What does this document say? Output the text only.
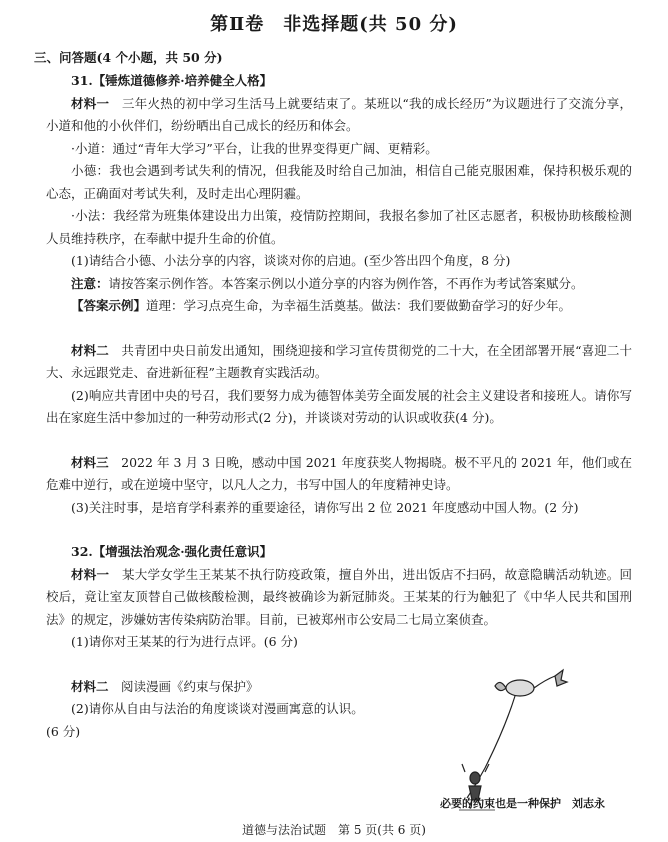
第Ⅱ卷　非选择题(共 50 分)
三、问答题(4 个小题，共 50 分)

31.【锤炼道德修养·培养健全人格】

材料一　三年火热的初中学习生活马上就要结束了。某班以“我的成长经历”为议题进行了交流分享，小道和他的小伙伴们，纷纷晒出自己成长的经历和体会。

·小道：通过“青年大学习”平台，让我的世界变得更广阔、更精彩。

小德：我也会遇到考试失利的情况，但我能及时给自己加油，相信自己能克服困难，保持积极乐观的心态，正确面对考试失利，及时走出心理阴霾。

·小法：我经常为班集体建设出力出策，疫情防控期间，我报名参加了社区志愿者，积极协助核酸检测人员维持秩序，在奉献中提升生命的价值。

(1)请结合小德、小法分享的内容，谈谈对你的启迪。(至少答出四个角度，8 分)

注意：请按答案示例作答。本答案示例以小道分享的内容为例作答，不再作为考试答案赋分。

【答案示例】道理：学习点亮生命，为幸福生活奠基。做法：我们要做勤奋学习的好少年。

材料二　共青团中央日前发出通知，围绕迎接和学习宣传贯彻党的二十大，在全团部署开展“喜迎二十大、永远跟党走、奋进新征程”主题教育实践活动。

(2)响应共青团中央的号召，我们要努力成为德智体美劳全面发展的社会主义建设者和接班人。请你写出在家庭生活中参加过的一种劳动形式(2 分)，并谈谈对劳动的认识或收获(4 分)。

材料三　2022 年 3 月 3 日晚，感动中国 2021 年度获奖人物揭晓。极不平凡的 2021 年，他们或在危难中逆行，或在逆境中坚守，以凡人之力，书写中国人的年度精神史诗。

(3)关注时事，是培育学科素养的重要途径，请你写出 2 位 2021 年度感动中国人物。(2 分)

32.【增强法治观念·强化责任意识】

材料一　某大学女学生王某某不执行防疫政策，擅自外出，进出饭店不扫码，故意隐瞒活动轨迹。回校后，竟让室友顶替自己做核酸检测，最终被确诊为新冠肺炎。王某某的行为触犯了《中华人民共和国刑法》的规定，涉嫌妨害传染病防治罪。目前，已被郑州市公安局二七局立案侦查。

(1)请你对王某某的行为进行点评。(6 分)

材料二　阅读漫画《约束与保护》

(2)请你从自由与法治的角度谈谈对漫画寓意的认识。

(6 分)

必要的约束也是一种保护　刘志永
道德与法治试题　第 5 页(共 6 页)
